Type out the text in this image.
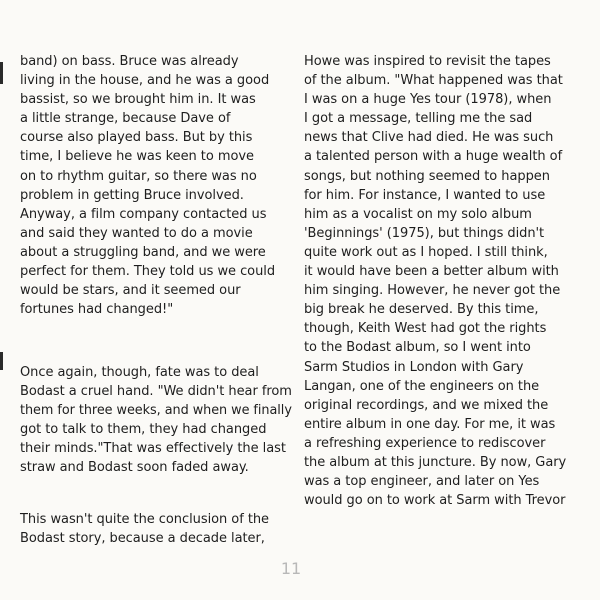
band) on bass. Bruce was already
living in the house, and he was a good
bassist, so we brought him in. It was
a little strange, because Dave of
course also played bass. But by this
time, I believe he was keen to move
on to rhythm guitar, so there was no
problem in getting Bruce involved.
Anyway, a film company contacted us
and said they wanted to do a movie
about a struggling band, and we were
perfect for them. They told us we could
would be stars, and it seemed our
fortunes had changed!"

Once again, though, fate was to deal
Bodast a cruel hand. "We didn't hear from
them for three weeks, and when we finally
got to talk to them, they had changed
their minds."That was effectively the last
straw and Bodast soon faded away.

This wasn't quite the conclusion of the
Bodast story, because a decade later,

Howe was inspired to revisit the tapes
of the album. "What happened was that
I was on a huge Yes tour (1978), when
I got a message, telling me the sad
news that Clive had died. He was such
a talented person with a huge wealth of
songs, but nothing seemed to happen
for him. For instance, I wanted to use
him as a vocalist on my solo album
'Beginnings' (1975), but things didn't
quite work out as I hoped. I still think,
it would have been a better album with
him singing. However, he never got the
big break he deserved. By this time,
though, Keith West had got the rights
to the Bodast album, so I went into
Sarm Studios in London with Gary
Langan, one of the engineers on the
original recordings, and we mixed the
entire album in one day. For me, it was
a refreshing experience to rediscover
the album at this juncture. By now, Gary
was a top engineer, and later on Yes
would go on to work at Sarm with Trevor

11
